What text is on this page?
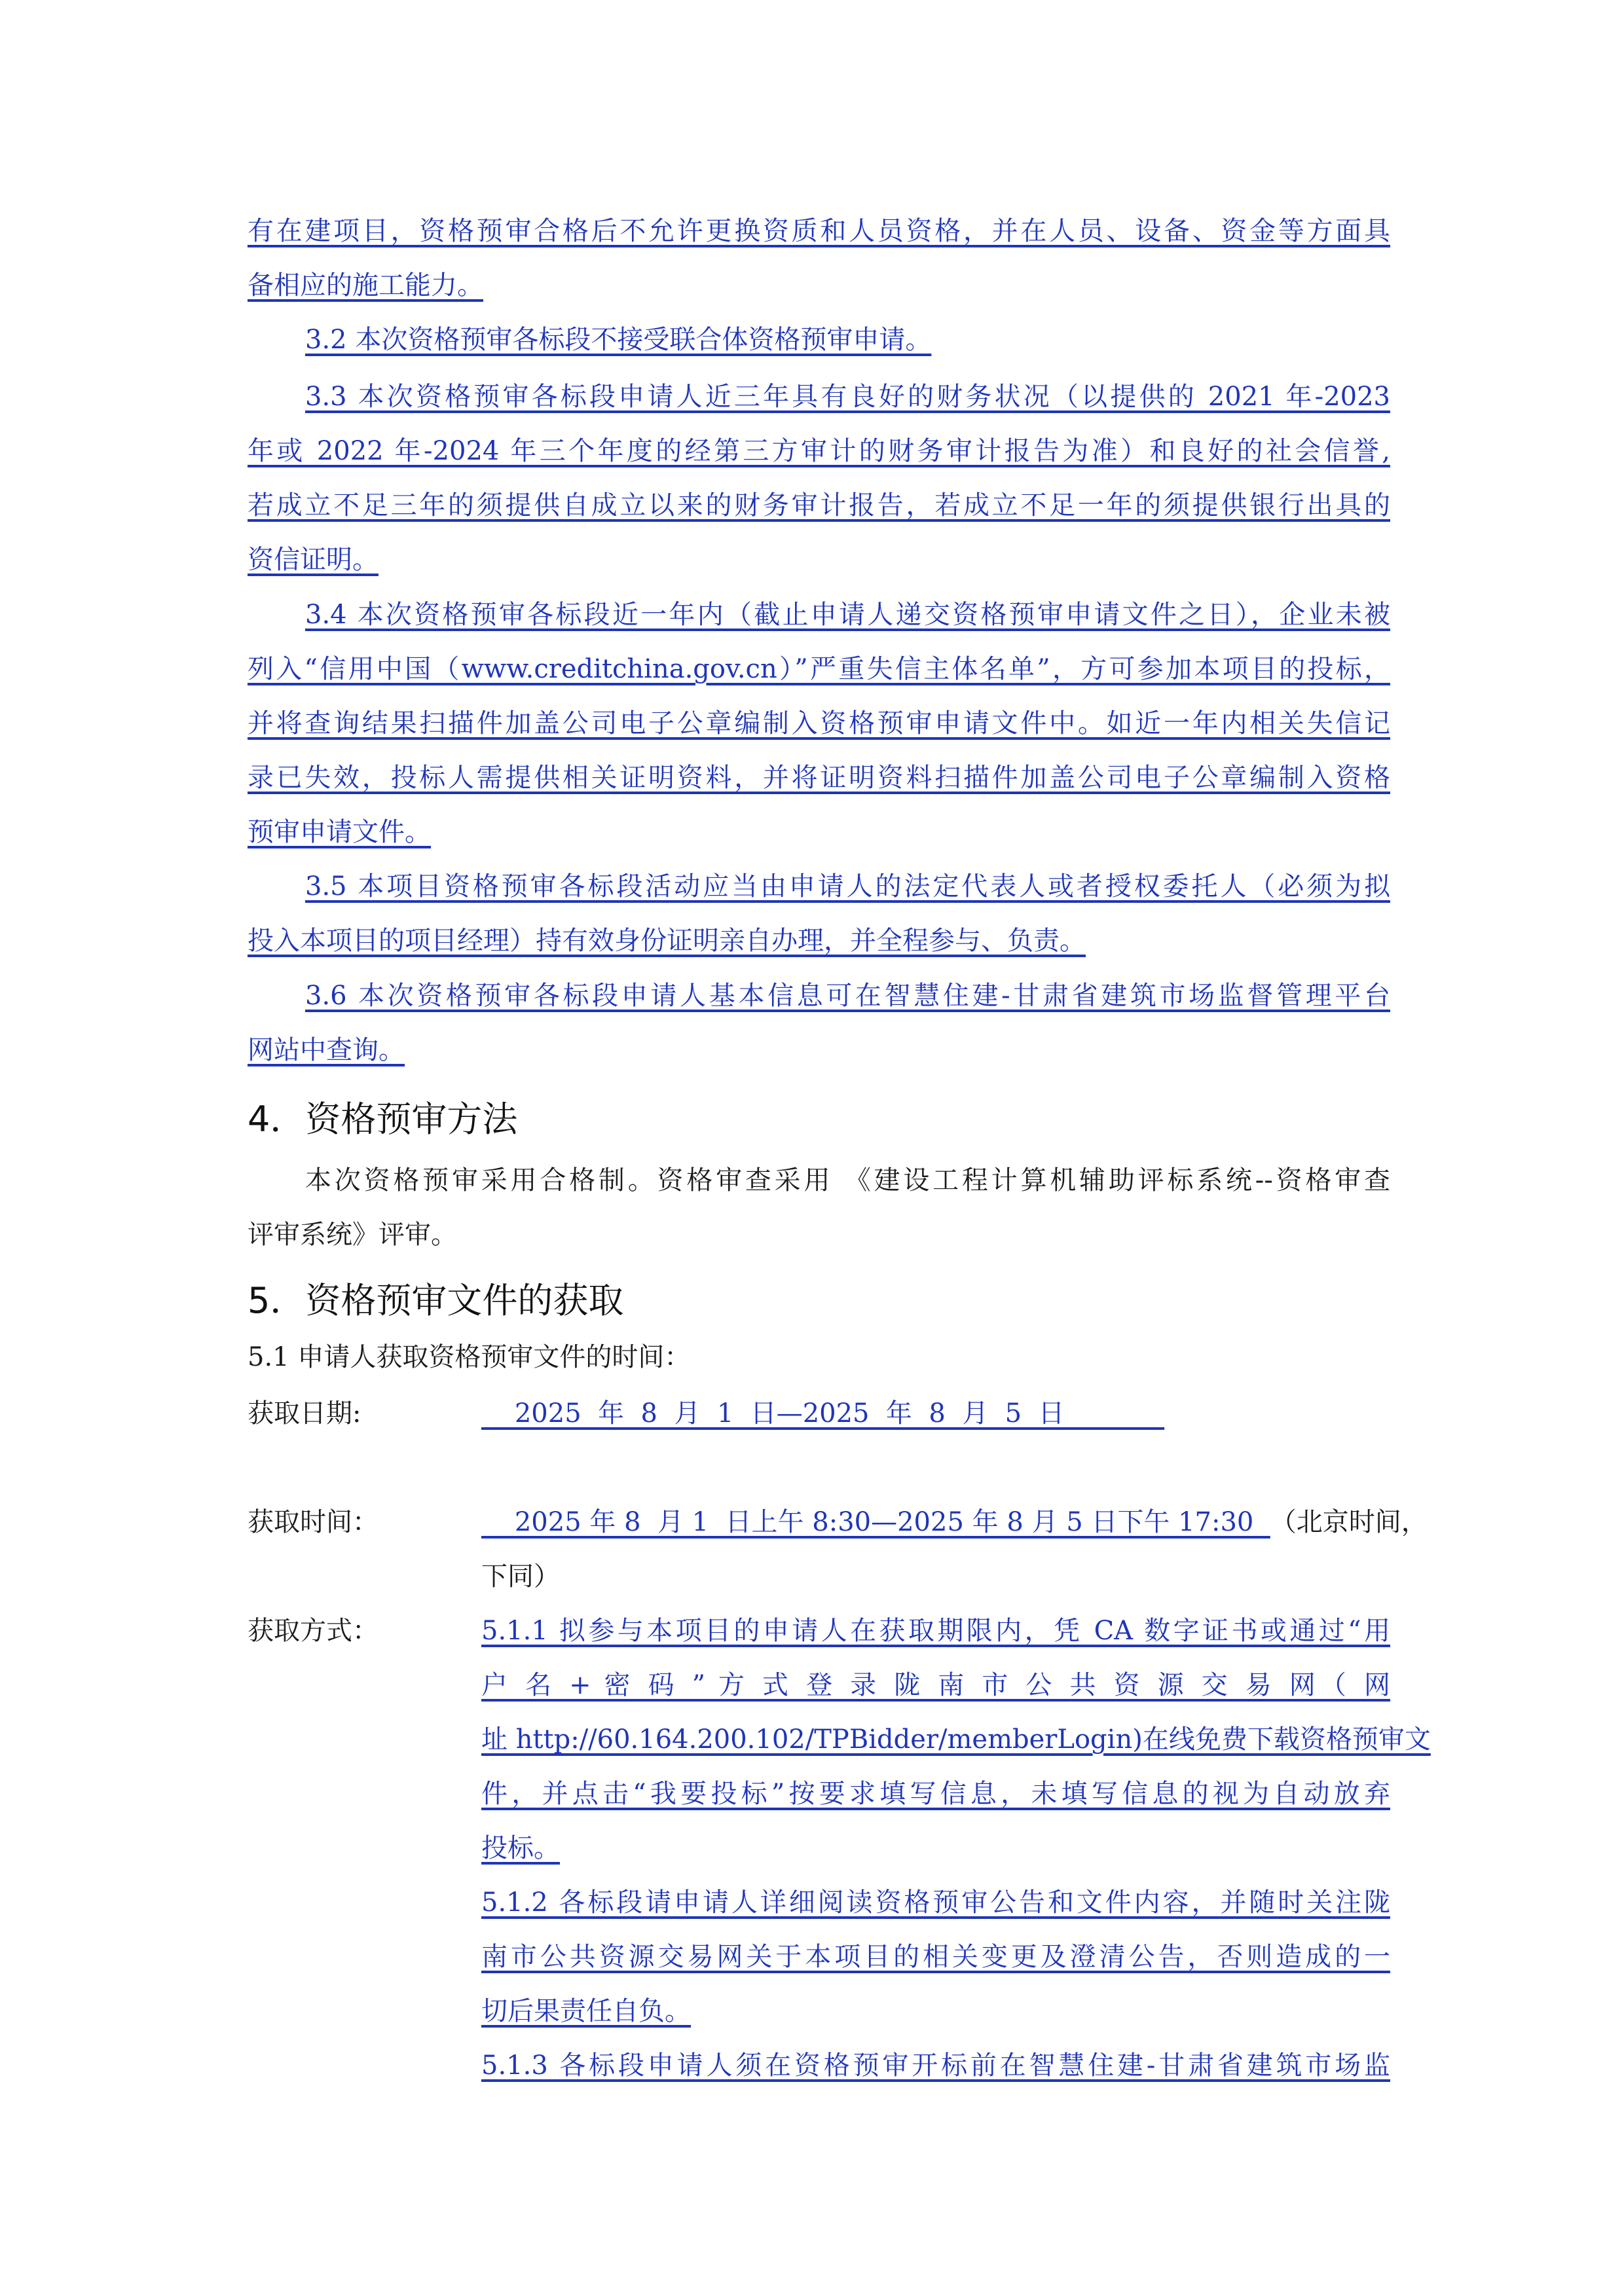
有在建项目，资格预审合格后不允许更换资质和人员资格，并在人员、设备、资金等方面具
备相应的施工能力。
3.2 本次资格预审各标段不接受联合体资格预审申请。
3.3 本次资格预审各标段申请人近三年具有良好的财务状况（以提供的 2021 年-2023
年或 2022 年-2024 年三个年度的经第三方审计的财务审计报告为准）和良好的社会信誉,
若成立不足三年的须提供自成立以来的财务审计报告，若成立不足一年的须提供银行出具的
资信证明。
3.4 本次资格预审各标段近一年内（截止申请人递交资格预审申请文件之日），企业未被
列入“信用中国（www.creditchina.gov.cn）”严重失信主体名单”，方可参加本项目的投标，
并将查询结果扫描件加盖公司电子公章编制入资格预审申请文件中。如近一年内相关失信记
录已失效，投标人需提供相关证明资料，并将证明资料扫描件加盖公司电子公章编制入资格
预审申请文件。
3.5 本项目资格预审各标段活动应当由申请人的法定代表人或者授权委托人（必须为拟
投入本项目的项目经理）持有效身份证明亲自办理，并全程参与、负责。
3.6 本次资格预审各标段申请人基本信息可在智慧住建-甘肃省建筑市场监督管理平台
网站中查询。
4．资格预审方法
本次资格预审采用合格制。资格审查采用 《建设工程计算机辅助评标系统--资格审查
评审系统》评审。
5．资格预审文件的获取
5.1 申请人获取资格预审文件的时间：
获取日期:	2025  年  8  月  1  日—2025  年  8  月  5  日
获取时间：	2025 年 8  月 1  日上午 8:30—2025 年 8 月 5 日下午 17:30  （北京时间，
下同）
获取方式：	5.1.1 拟参与本项目的申请人在获取期限内，凭 CA 数字证书或通过“用
户 名 + 密 码 ” 方 式 登 录 陇 南 市 公 共 资 源 交 易 网（ 网
址 http://60.164.200.102/TPBidder/memberLogin)在线免费下载资格预审文
件，并点击“我要投标”按要求填写信息，未填写信息的视为自动放弃
投标。
5.1.2 各标段请申请人详细阅读资格预审公告和文件内容，并随时关注陇
南市公共资源交易网关于本项目的相关变更及澄清公告，否则造成的一
切后果责任自负。
5.1.3 各标段申请人须在资格预审开标前在智慧住建-甘肃省建筑市场监
